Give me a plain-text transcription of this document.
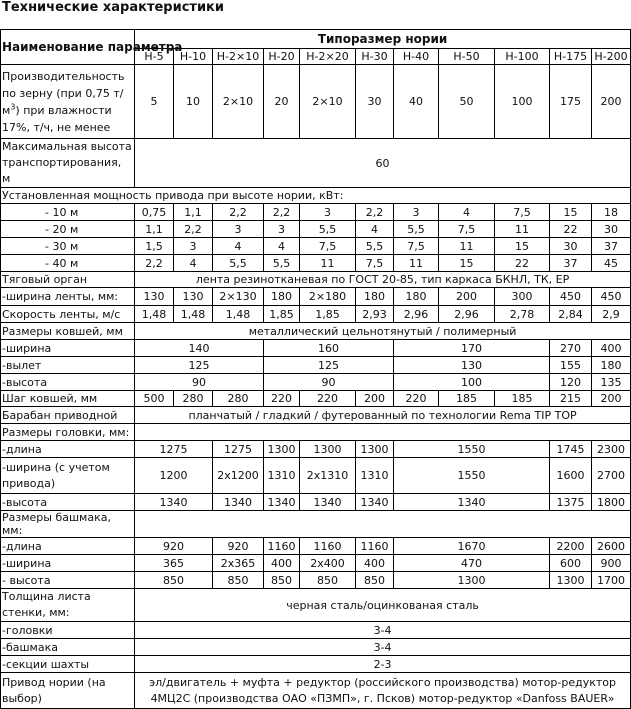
Технические характеристики
Наименование параметра	Типоразмер нории										
	Н-5	Н-10	Н-2×10	Н-20	Н-2×20	Н-30	Н-40	Н-50	Н-100	Н-175	Н-200
Производительность по зерну (при 0,75 $т/м^3$) при влажности 17%, т/ч, не менее	5	10	2×10	20	2×10	30	40	50	100	175	200
Максимальная высота транспортирования, м	60										
Установленная мощность привода при высоте нории, кВт:											
- 10 м	0,75	1,1	2,2	2,2	3	2,2	3	4	7,5	15	18
- 20 м	1,1	2,2	3	3	5,5	4	5,5	7,5	11	22	30
- 30 м	1,5	3	4	4	7,5	5,5	7,5	11	15	30	37
- 40 м	2,2	4	5,5	5,5	11	7,5	11	15	22	37	45
Тяговый орган	лента резинотканевая по ГОСТ 20-85, тип каркаса БКНЛ, ТК, ЕР										
-ширина ленты, мм:	130	130	2×130	180	2×180	180	180	200	300	450	450
Скорость ленты, м/с	1,48	1,48	1,48	1,85	1,85	2,93	2,96	2,96	2,78	2,84	2,9
Размеры ковшей, мм	металлический цельнотянутый / полимерный										
-ширина	140			160			170			270	400
-вылет	125			125			130			155	180
-высота	90			90			100			120	135
Шаг ковшей, мм	500	280	280	220	220	200	220	185	185	215	200
Барабан приводной	планчатый / гладкий / футерованный по технологии Rema TIP TOP										
Размеры головки, мм:											
-длина	1275		1275	1300	1300	1300	1550			1745	2300
-ширина (с учетом привода)	1200		2х1200	1310	2х1310	1310	1550			1600	2700
-высота	1340		1340	1340	1340	1340	1340			1375	1800
Размеры башмака, мм:											
-длина	920		920	1160	1160	1160	1670			2200	2600
-ширина	365		2х365	400	2х400	400	470			600	900
- высота	850		850	850	850	850	1300			1300	1700
Толщина листа стенки, мм:	черная сталь/оцинкованая сталь										
-головки	3-4										
-башмака	3-4										
-секции шахты	2-3										
Привод нории (на выбор)	эл/двигатель + муфта + редуктор (российского производства) мотор-редуктор 4МЦ2С (производства ОАО «ПЗМП», г. Псков) мотор-редуктор «Danfoss BAUER»										
